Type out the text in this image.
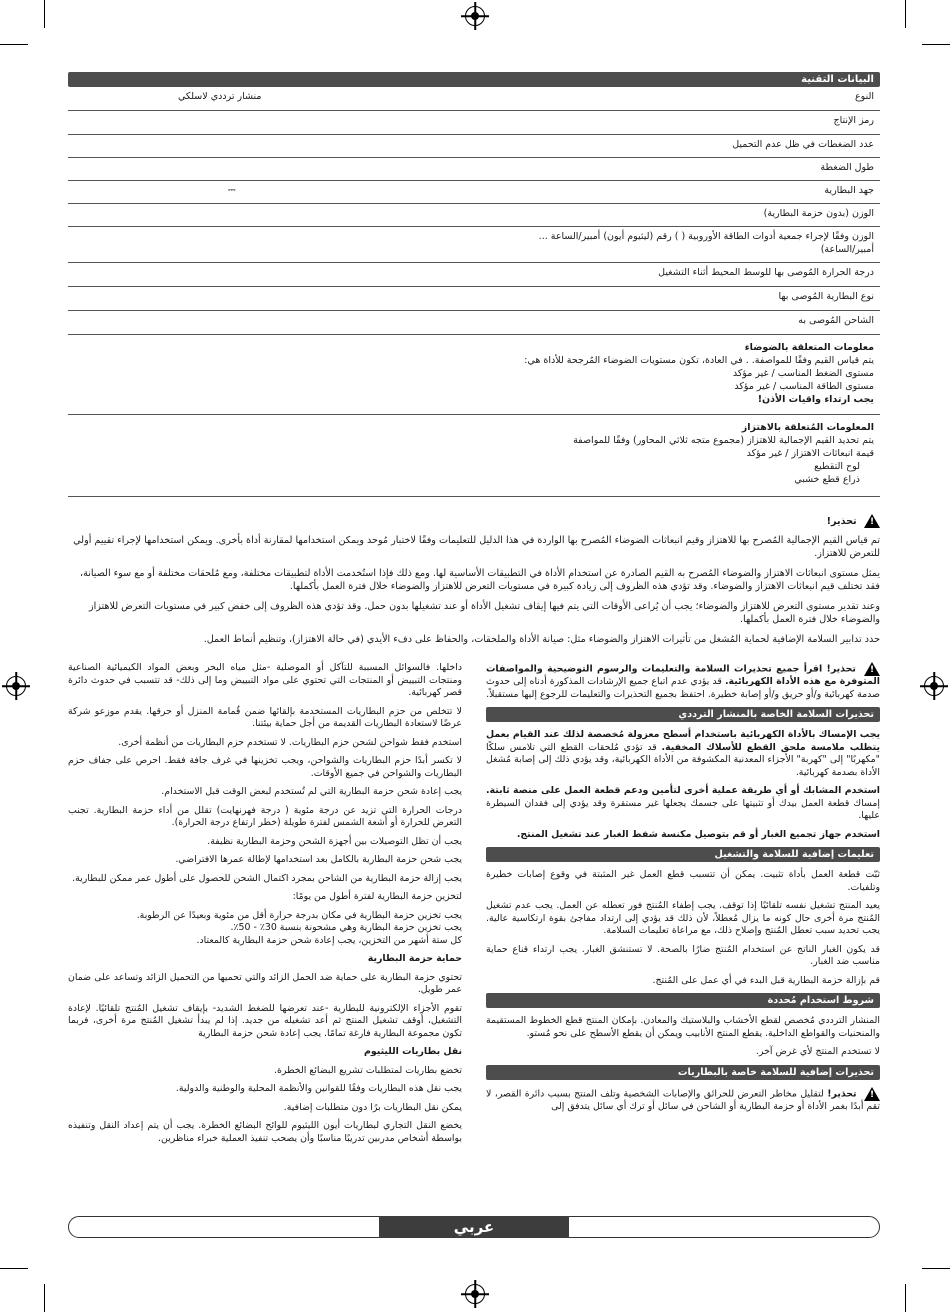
البيانات التقنية
النوع
منشار ترددي لاسلكي
رمز الإنتاج
عدد الضغطات في ظل عدم التحميل
طول الضغطة
جهد البطارية
⎓
الوزن (بدون حزمة البطارية)
الوزن وفقًا لإجراء جمعية أدوات الطاقة الأوروبية ( ) رقم (ليثيوم أيون) أمبير/الساعة ...
أمبير/الساعة)
درجة الحرارة المُوصى بها للوسط المحيط أثناء التشغيل
نوع البطارية المُوصى بها
الشاحن المُوصى به
معلومات المتعلقة بالضوضاء
يتم قياس القيم وفقًا للمواصفة. . في العادة، تكون مستويات الضوضاء المُرجحة للأداة هي:
مستوى الضغط المناسب / غير مؤكد
مستوى الطاقة المناسب / غير مؤكد
يجب ارتداء واقيات الأذن!
المعلومات المُتعلقة بالاهتزاز
يتم تحديد القيم الإجمالية للاهتزاز (مجموع متجه ثلاثي المحاور) وفقًا للمواصفة
قيمة انبعاثات الاهتزاز / غير مؤكد
لوح التقطيع
ذراع قطع خشبي
! تحذير!
تم قياس القيم الإجمالية المُصرح بها للاهتزاز وقيم انبعاثات الضوضاء المُصرح بها الواردة في هذا الدليل للتعليمات وفقًا لاختبار مُوحد ويمكن استخدامها لمقارنة أداة بأخرى. ويمكن استخدامها لإجراء تقييم أولي للتعرض للاهتزاز.
يمثل مستوى انبعاثات الاهتزاز والضوضاء المُصرح به القيم الصادرة عن استخدام الأداة في التطبيقات الأساسية لها. ومع ذلك فإذا استُخدمت الأداة لتطبيقات مختلفة، ومع مُلحقات مختلفة أو مع سوء الصيانة، فقد تختلف قيم انبعاثات الاهتزاز والضوضاء. وقد تؤدي هذه الظروف إلى زيادة كبيرة في مستويات التعرض للاهتزاز والضوضاء خلال فترة العمل بأكملها.
وعند تقدير مستوى التعرض للاهتزاز والضوضاء؛ يجب أن يُراعى الأوقات التي يتم فيها إيقاف تشغيل الأداة أو عند تشغيلها بدون حمل. وقد تؤدي هذه الظروف إلى خفض كبير في مستويات التعرض للاهتزاز والضوضاء خلال فترة العمل بأكملها.
حدد تدابير السلامة الإضافية لحماية المُشغل من تأثيرات الاهتزاز والضوضاء مثل: صيانة الأداة والملحقات، والحفاظ على دفء الأيدي (في حالة الاهتزاز)، وتنظيم أنماط العمل.

! تحذير! اقرأ جميع تحذيرات السلامة والتعليمات والرسوم التوضيحية والمواصفات المتوفرة مع هذه الأداة الكهربائية. قد يؤدي عدم اتباع جميع الإرشادات المذكورة أدناه إلى حدوث صدمة كهربائية و/أو حريق و/أو إصابة خطيرة. احتفظ بجميع التحذيرات والتعليمات للرجوع إليها مستقبلاً.

تحذيرات السلامة الخاصة بالمنشار الترددي

يجب الإمساك بالأداة الكهربائية باستخدام أسطح معزولة مُخصصة لذلك عند القيام بعمل يتطلب ملامسة ملحق القطع للأسلاك المخفية. قد تؤدي مُلحقات القطع التي تلامس سلكًا "مكهربًا" إلى "كهربة" الأجزاء المعدنية المكشوفة من الأداة الكهربائية، وقد يؤدي ذلك إلى إصابة مُشغل الأداة بصدمة كهربائية.

استخدم المشابك أو أي طريقة عملية أخرى لتأمين ودعم قطعة العمل على منصة ثابتة. إمساك قطعة العمل بيدك أو تثبيتها على جسمك يجعلها غير مستقرة وقد يؤدي إلى فقدان السيطرة عليها.

استخدم جهاز تجميع الغبار أو قم بتوصيل مكنسة شفط الغبار عند تشغيل المنتج.

تعليمات إضافية للسلامة والتشغيل

ثبّت قطعة العمل بأداة تثبيت. يمكن أن تتسبب قطع العمل غير المثبتة في وقوع إصابات خطيرة وتلفيات.

يعيد المنتج تشغيل نفسه تلقائيًا إذا توقف. يجب إطفاء المُنتج فور تعطله عن العمل. يجب عدم تشغيل المُنتج مرة أخرى حال كونه ما يزال مُعطلاً، لأن ذلك قد يؤدي إلى ارتداد مفاجئ بقوة ارتكاسية عالية. يجب تحديد سبب تعطل المُنتج وإصلاح ذلك، مع مراعاة تعليمات السلامة.

قد يكون الغبار الناتج عن استخدام المُنتج ضارًا بالصحة. لا تستنشق الغبار. يجب ارتداء قناع حماية مناسب ضد الغبار.

قم بإزالة حزمة البطارية قبل البدء في أي عمل على المُنتج.

شروط استخدام مُحددة

المنشار الترددي مُخصص لقطع الأخشاب والبلاستيك والمعادن. بإمكان المنتج قطع الخطوط المستقيمة والمنحنيات والقواطع الداخلية. يقطع المنتج الأنابيب ويمكن أن يقطع الأسطح على نحو مُستو.

لا تستخدم المنتج لأي غرض آخر.

تحذيرات إضافية للسلامة خاصة بالبطاريات

! تحذير! لتقليل مخاطر التعرض للحرائق والإصابات الشخصية وتلف المنتج بسبب دائرة القصر، لا تقم أبدًا بغمر الأداة أو حزمة البطارية أو الشاحن في سائل أو ترك أي سائل يتدفق إلى

داخلها. فالسوائل المسببة للتآكل أو الموصلية -مثل مياه البحر وبعض المواد الكيميائية الصناعية ومنتجات التبييض أو المنتجات التي تحتوي على مواد التبييض وما إلى ذلك- قد تتسبب في حدوث دائرة قصر كهربائية.

لا تتخلص من حزم البطاريات المستخدمة بإلقائها ضمن قُمامة المنزل أو حرقها. يقدم موزعو شركة عرضًا لاستعادة البطاريات القديمة من أجل حماية بيئتنا.

استخدم فقط شواحن لشحن حزم البطاريات. لا تستخدم حزم البطاريات من أنظمة أخرى.

لا تكسر أبدًا حزم البطاريات والشواحن، ويجب تخزينها في غرف جافة فقط. احرص على جفاف حزم البطاريات والشواحن في جميع الأوقات.

يجب إعادة شحن حزمة البطارية التي لم تُستخدم لبعض الوقت قبل الاستخدام.

درجات الحرارة التي تزيد عن درجة مئوية ( درجة فهرنهايت) تقلل من أداء حزمة البطارية. تجنب التعرض للحرارة أو أشعة الشمس لفترة طويلة (خطر ارتفاع درجة الحرارة).

يجب أن تظل التوصيلات بين أجهزة الشحن وحزمة البطارية نظيفة.

يجب شحن حزمة البطارية بالكامل بعد استخدامها لإطالة عمرها الافتراضي.

يجب إزالة حزمة البطارية من الشاحن بمجرد اكتمال الشحن للحصول على أطول عمر ممكن للبطارية.

لتخزين حزمة البطارية لفترة أطول من يومًا:

يجب تخزين حزمة البطارية في مكان بدرجة حرارة أقل من مئوية وبعيدًا عن الرطوبة.

يجب تخزين حزمة البطارية وهي مشحونة بنسبة 30٪ - 50٪.

كل ستة أشهر من التخزين، يجب إعادة شحن حزمة البطارية كالمعتاد.

حماية حزمة البطارية

تحتوي حزمة البطارية على حماية ضد الحمل الزائد والتي تحميها من التحميل الزائد وتساعد على ضمان عمر طويل.

تقوم الأجزاء الإلكترونية للبطارية -عند تعرضها للضغط الشديد- بإيقاف تشغيل المُنتج تلقائيًا. لإعادة التشغيل، أوقف تشغيل المنتج ثم أعد تشغيله من جديد. إذا لم يبدأ تشغيل المُنتج مرة أخرى، فربما تكون مجموعة البطارية فارغة تمامًا. يجب إعادة شحن حزمة البطارية

نقل بطاريات الليثيوم

تخضع بطاريات لمتطلبات تشريع البضائع الخطرة.

يجب نقل هذه البطاريات وفقًا للقوانين والأنظمة المحلية والوطنية والدولية.

يمكن نقل البطاريات برًا دون متطلبات إضافية.

يخضع النقل التجاري لبطاريات أيون الليثيوم للوائح البضائع الخطرة. يجب أن يتم إعداد النقل وتنفيذه بواسطة أشخاص مدربين تدريبًا مناسبًا وأن يصحب تنفيذ العملية خبراء مناظرين.

عربي
